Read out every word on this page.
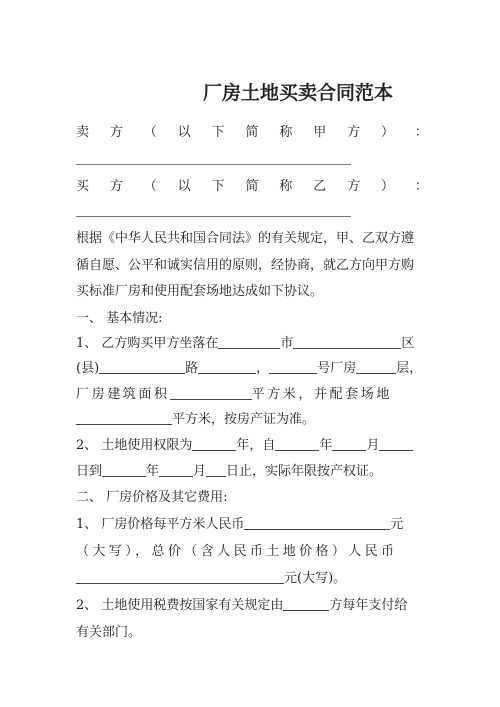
厂房土地买卖合同范本
卖 方 （ 以 下 简 称 甲 方 ） ：
买 方 （ 以 下 简 称 乙 方 ） ：
根据《中华人民共和国合同法》的有关规定，甲、乙双方遵
循自愿、公平和诚实信用的原则，经协商，就乙方向甲方购
买标准厂房和使用配套场地达成如下协议。
一、 基本情况:
1、 乙方购买甲方坐落在	市	区
(县)	路	，	号厂房	层，
厂房建筑面积	平方米，并配套场地
平方米，按房产证为准。
2、 土地使用权限为	年，自	年	月
日到	年	月 日止，实际年限按产权证。
二、 厂房价格及其它费用:
1、 厂房价格每平方米人民币	元
（大写），总价（含人民币土地价格）人民币
元(大写)。
2、 土地使用税费按国家有关规定由	方每年支付给
有关部门。
